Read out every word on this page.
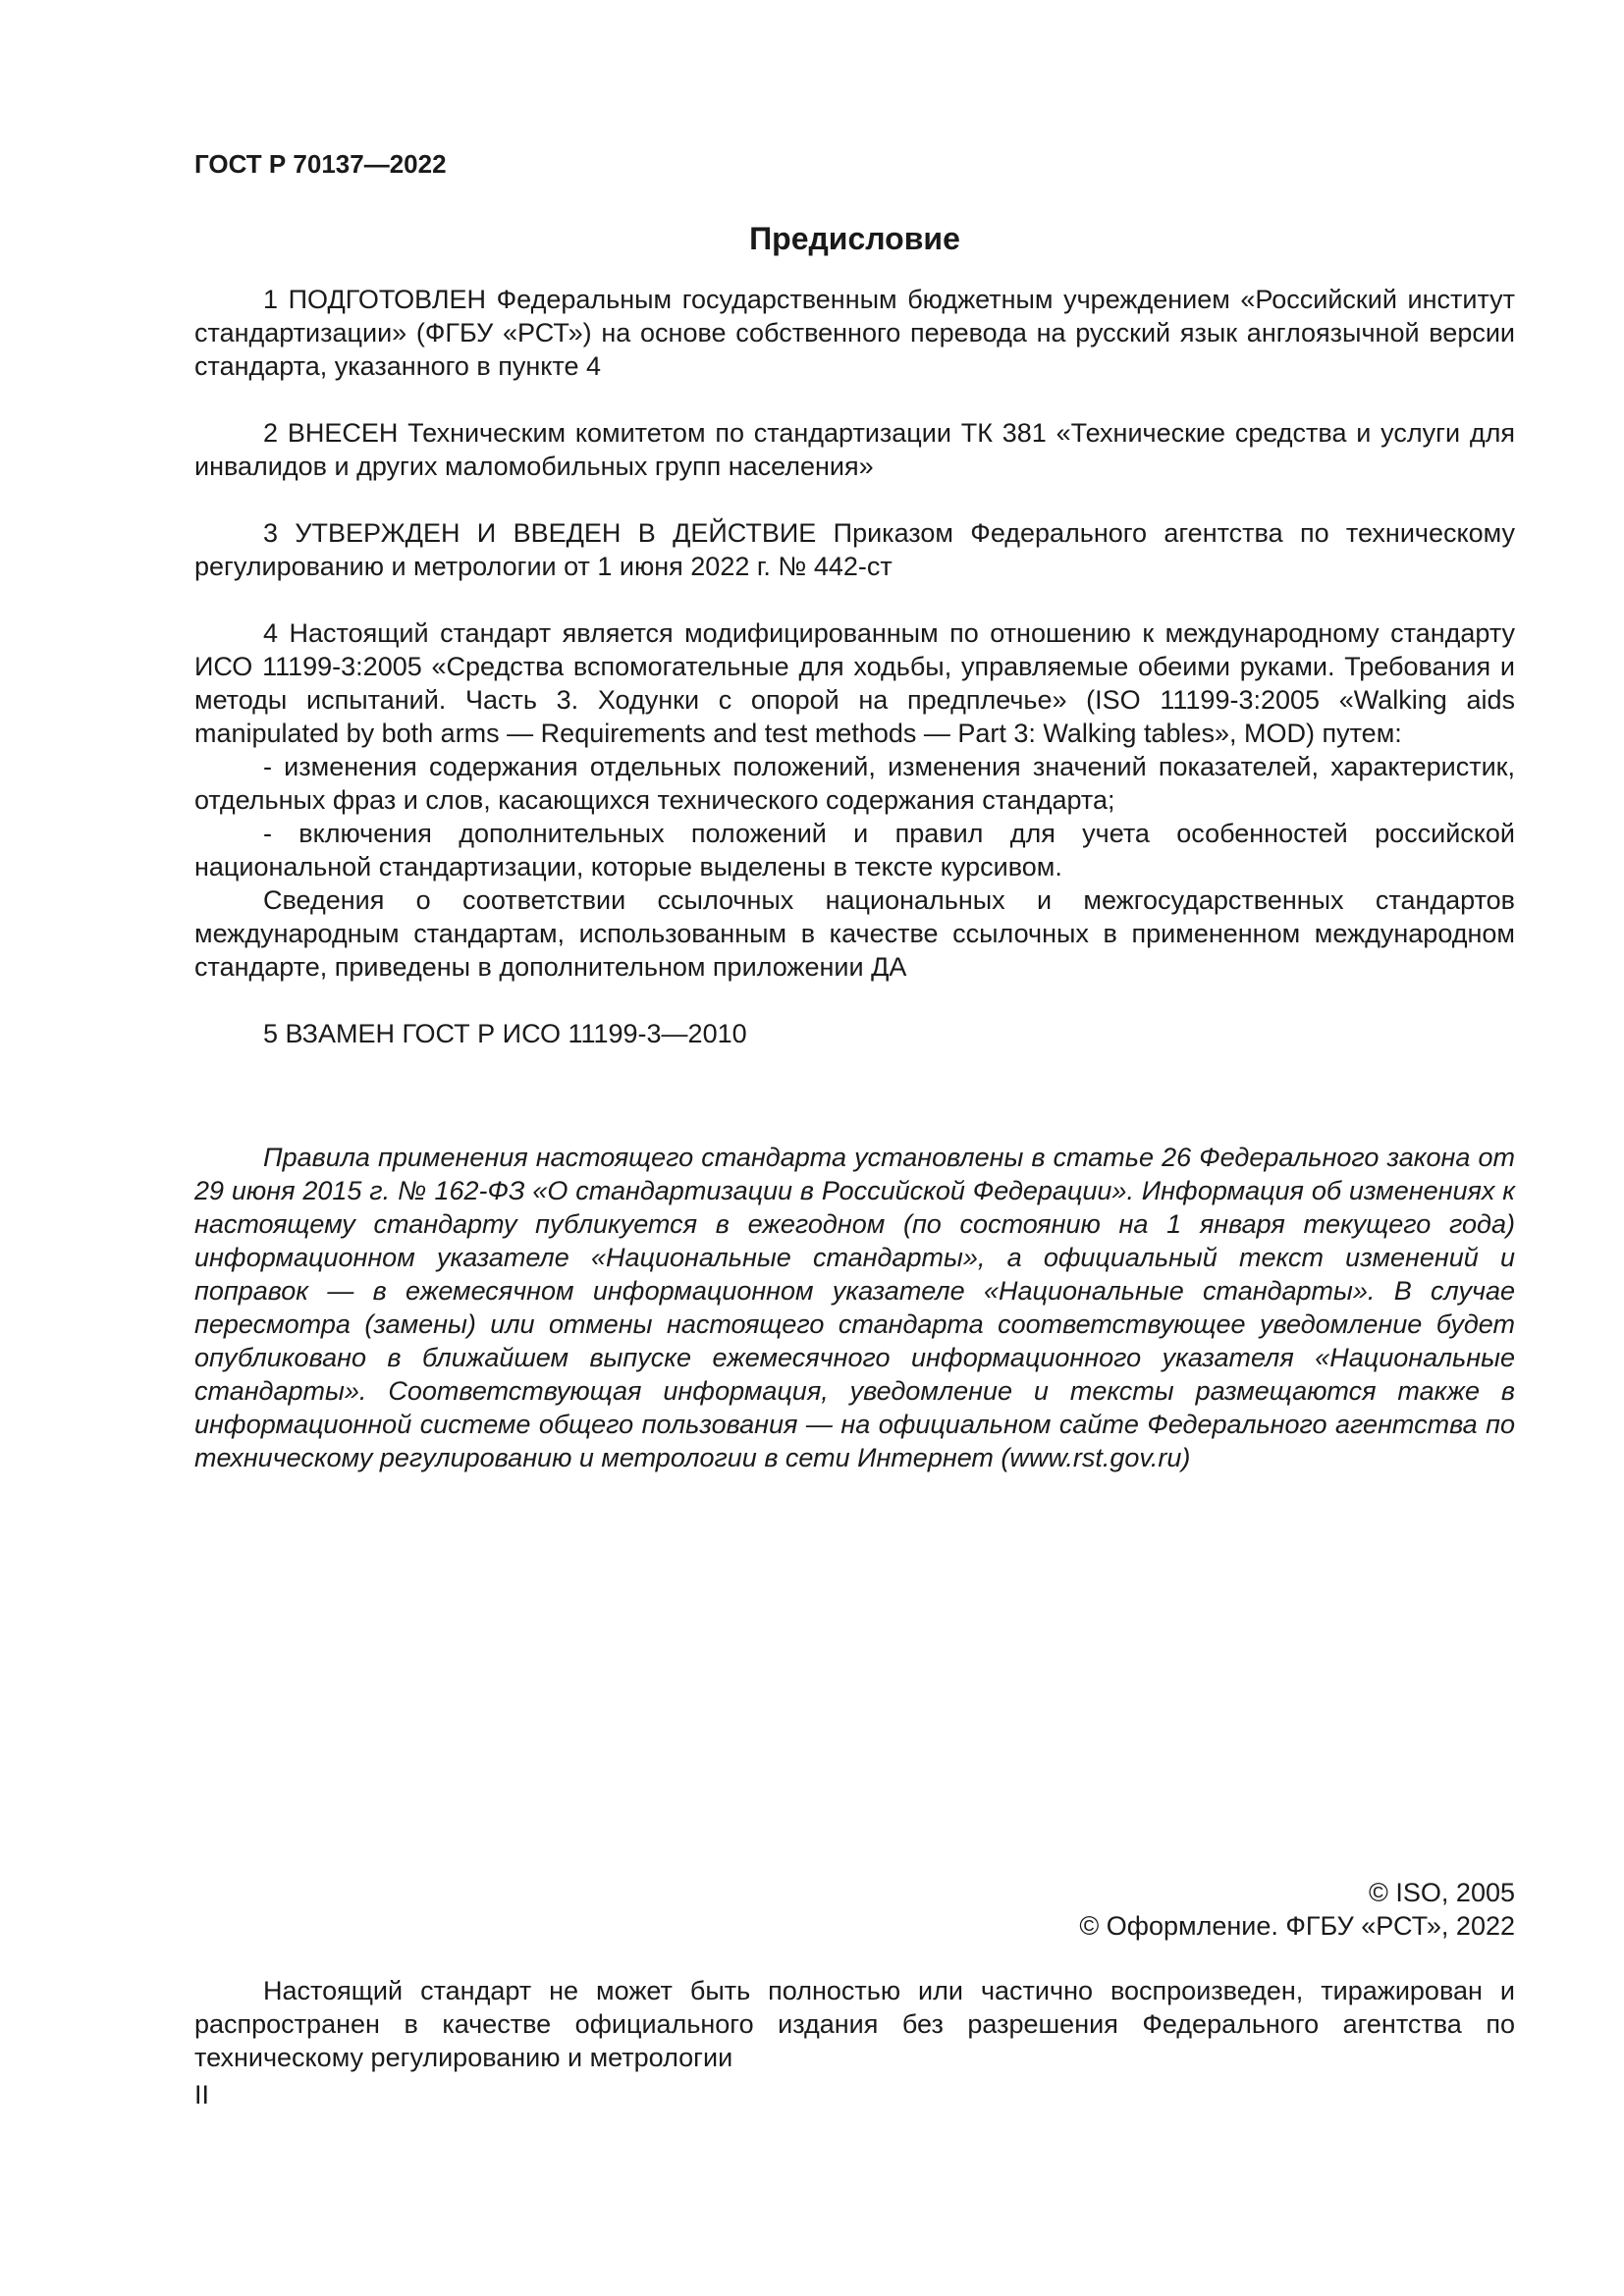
ГОСТ Р 70137—2022
Предисловие

1 ПОДГОТОВЛЕН Федеральным государственным бюджетным учреждением «Российский институт стандартизации» (ФГБУ «РСТ») на основе собственного перевода на русский язык англоязычной версии стандарта, указанного в пункте 4

2 ВНЕСЕН Техническим комитетом по стандартизации ТК 381 «Технические средства и услуги для инвалидов и других маломобильных групп населения»

3 УТВЕРЖДЕН И ВВЕДЕН В ДЕЙСТВИЕ Приказом Федерального агентства по техническому регулированию и метрологии от 1 июня 2022 г. № 442-ст

4 Настоящий стандарт является модифицированным по отношению к международному стандарту ИСО 11199-3:2005 «Средства вспомогательные для ходьбы, управляемые обеими руками. Требования и методы испытаний. Часть 3. Ходунки с опорой на предплечье» (ISO 11199-3:2005 «Walking aids manipulated by both arms — Requirements and test methods — Part 3: Walking tables», MOD) путем:

- изменения содержания отдельных положений, изменения значений показателей, характеристик, отдельных фраз и слов, касающихся технического содержания стандарта;

- включения дополнительных положений и правил для учета особенностей российской национальной стандартизации, которые выделены в тексте курсивом.

Сведения о соответствии ссылочных национальных и межгосударственных стандартов международным стандартам, использованным в качестве ссылочных в примененном международном стандарте, приведены в дополнительном приложении ДА

5 ВЗАМЕН ГОСТ Р ИСО 11199-3—2010

Правила применения настоящего стандарта установлены в статье 26 Федерального закона от 29 июня 2015 г. № 162-ФЗ «О стандартизации в Российской Федерации». Информация об изменениях к настоящему стандарту публикуется в ежегодном (по состоянию на 1 января текущего года) информационном указателе «Национальные стандарты», а официальный текст изменений и поправок — в ежемесячном информационном указателе «Национальные стандарты». В случае пересмотра (замены) или отмены настоящего стандарта соответствующее уведомление будет опубликовано в ближайшем выпуске ежемесячного информационного указателя «Национальные стандарты». Соответствующая информация, уведомление и тексты размещаются также в информационной системе общего пользования — на официальном сайте Федерального агентства по техническому регулированию и метрологии в сети Интернет (www.rst.gov.ru)

© ISO, 2005
© Оформление. ФГБУ «РСТ», 2022

Настоящий стандарт не может быть полностью или частично воспроизведен, тиражирован и распространен в качестве официального издания без разрешения Федерального агентства по техническому регулированию и метрологии

II
